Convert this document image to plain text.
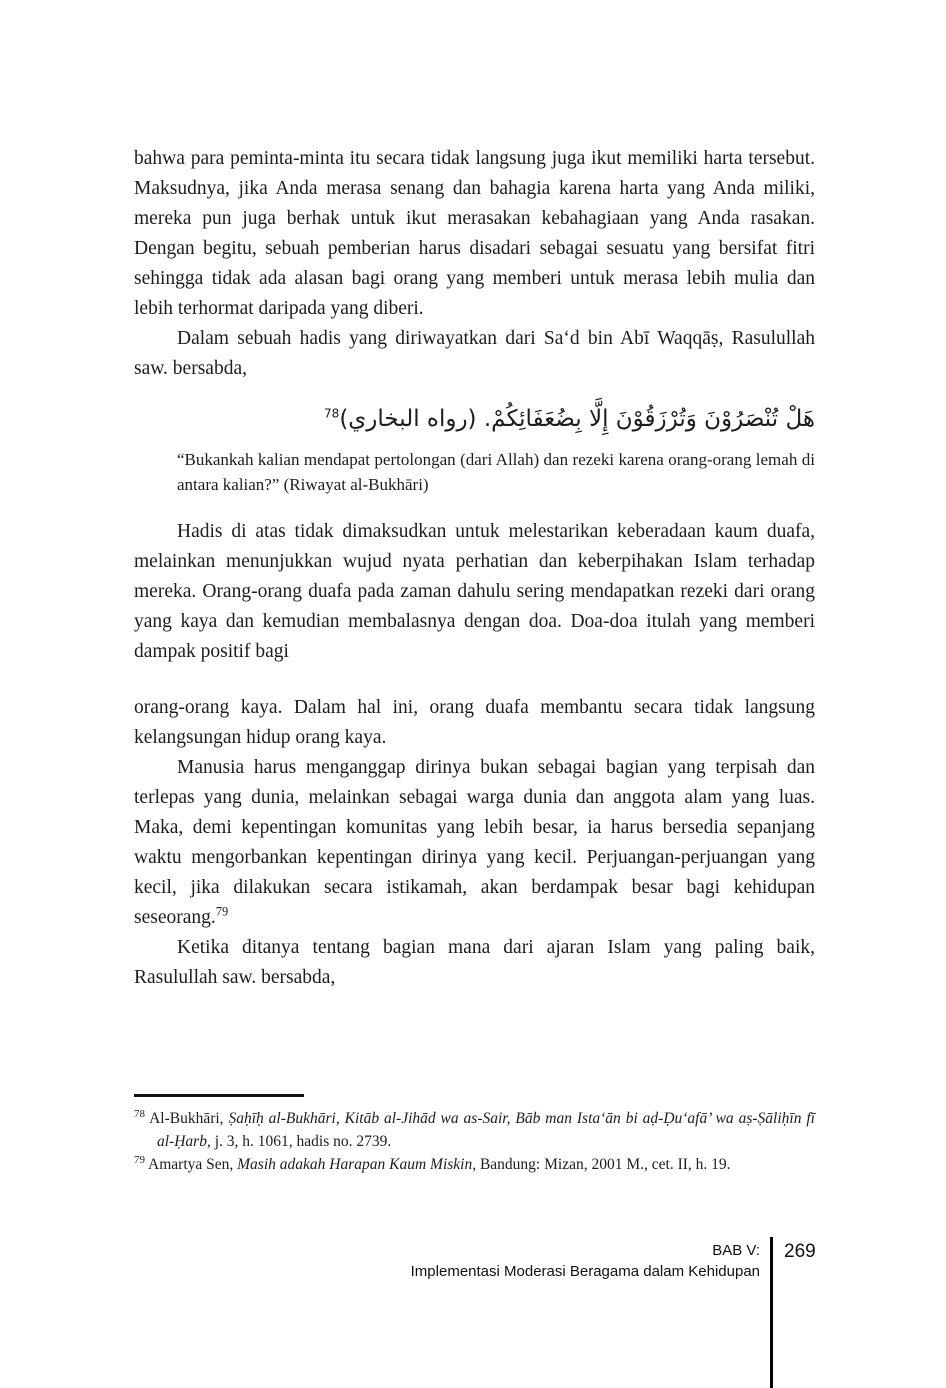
bahwa para peminta-minta itu secara tidak langsung juga ikut memiliki harta tersebut. Maksudnya, jika Anda merasa senang dan bahagia karena harta yang Anda miliki, mereka pun juga berhak untuk ikut merasakan kebahagiaan yang Anda rasakan. Dengan begitu, sebuah pemberian harus disadari sebagai sesuatu yang bersifat fitri sehingga tidak ada alasan bagi orang yang memberi untuk merasa lebih mulia dan lebih terhormat daripada yang diberi.

Dalam sebuah hadis yang diriwayatkan dari Sa‘d bin Abī Waqqāṣ, Rasulullah saw. bersabda,

هَلْ تُنْصَرُوْنَ وَتُرْزَقُوْنَ إِلَّا بِضُعَفَائِكُمْ. (رواه البخاري)$^{78}$
“Bukankah kalian mendapat pertolongan (dari Allah) dan rezeki karena orang-orang lemah di antara kalian?” (Riwayat al-Bukhāri)

Hadis di atas tidak dimaksudkan untuk melestarikan keberadaan kaum duafa, melainkan menunjukkan wujud nyata perhatian dan keberpihakan Islam terhadap mereka. Orang-orang duafa pada zaman dahulu sering mendapatkan rezeki dari orang yang kaya dan kemudian membalasnya dengan doa. Doa-doa itulah yang memberi dampak positif bagi

orang-orang kaya. Dalam hal ini, orang duafa membantu secara tidak langsung kelangsungan hidup orang kaya.

Manusia harus menganggap dirinya bukan sebagai bagian yang terpisah dan terlepas yang dunia, melainkan sebagai warga dunia dan anggota alam yang luas. Maka, demi kepentingan komunitas yang lebih besar, ia harus bersedia sepanjang waktu mengorbankan kepentingan dirinya yang kecil. Perjuangan-perjuangan yang kecil, jika dilakukan secara istikamah, akan berdampak besar bagi kehidupan seseorang.$^{79}$

Ketika ditanya tentang bagian mana dari ajaran Islam yang paling baik, Rasulullah saw. bersabda,

$^{78}$ Al-Bukhāri, Ṣaḥīḥ al-Bukhāri, Kitāb al-Jihād wa as-Sair, Bāb man Ista‘ān bi aḍ-Ḍu‘afā’ wa aṣ-Ṣāliḥīn fī al-Ḥarb, j. 3, h. 1061, hadis no. 2739.
$^{79}$ Amartya Sen, Masih adakah Harapan Kaum Miskin, Bandung: Mizan, 2001 M., cet. II, h. 19.
BAB V:
Implementasi Moderasi Beragama dalam Kehidupan
269
